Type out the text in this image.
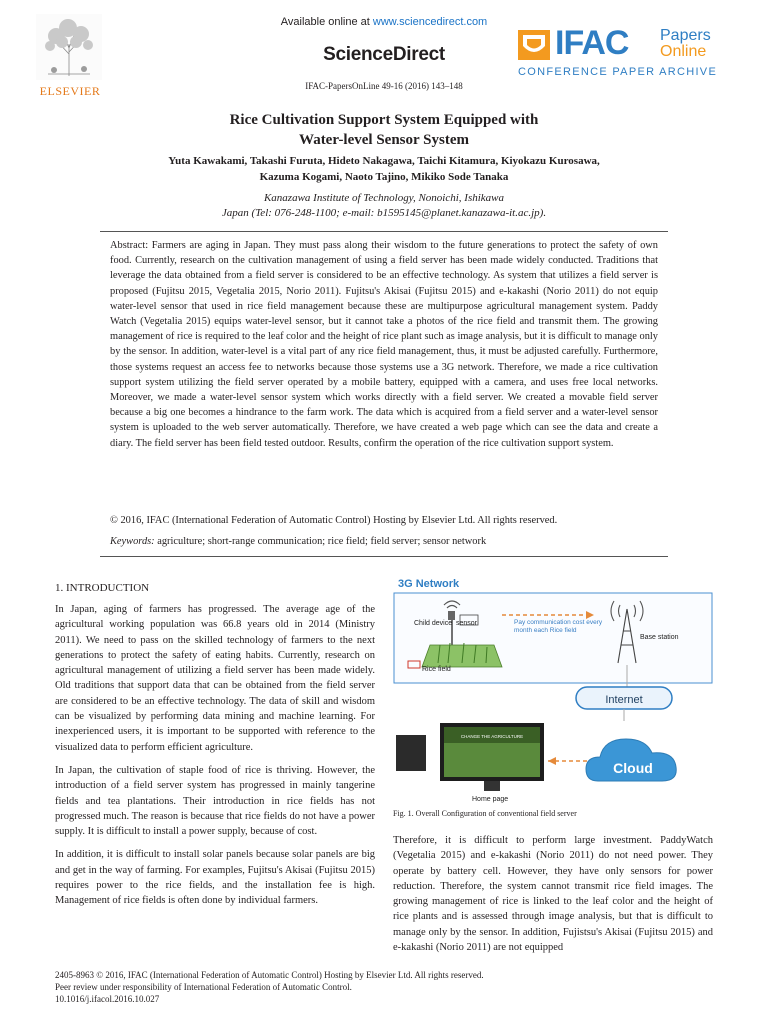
Available online at www.sciencedirect.com
ScienceDirect
IFAC-PapersOnLine 49-16 (2016) 143–148
ELSEVIER
IFAC Papers
Online
CONFERENCE PAPER ARCHIVE
Rice Cultivation Support System Equipped with
Water-level Sensor System
Yuta Kawakami, Takashi Furuta, Hideto Nakagawa, Taichi Kitamura, Kiyokazu Kurosawa,
Kazuma Kogami, Naoto Tajino, Mikiko Sode Tanaka
Kanazawa Institute of Technology, Nonoichi, Ishikawa
Japan (Tel: 076-248-1100; e-mail: b1595145@planet.kanazawa-it.ac.jp).
Abstract: Farmers are aging in Japan. They must pass along their wisdom to the future generations to protect the safety of own food. Currently, research on the cultivation management of using a field server has been made widely conducted. Traditions that leverage the data obtained from a field server is considered to be an effective technology. As system that utilizes a field server is proposed (Fujitsu 2015, Vegetalia 2015, Norio 2011). Fujitsu's Akisai (Fujitsu 2015) and e-kakashi (Norio 2011) do not equip water-level sensor that used in rice field management because these are multipurpose agricultural management system. Paddy Watch (Vegetalia 2015) equips water-level sensor, but it cannot take a photos of the rice field and transmit them. The growing management of rice is required to the leaf color and the height of rice plant such as image analysis, but it is difficult to manage only by the sensor. In addition, water-level is a vital part of any rice field management, thus, it must be adjusted carefully. Furthermore, those systems request an access fee to networks because those systems use a 3G network. Therefore, we made a rice cultivation support system utilizing the field server operated by a mobile battery, equipped with a camera, and uses free local networks. Moreover, we made a water-level sensor system which works directly with a field server. We created a movable field server because a big one becomes a hindrance to the farm work. The data which is acquired from a field server and a water-level sensor system is uploaded to the web server automatically. Therefore, we have created a web page which can see the data and create a diary. The field server has been field tested outdoor. Results, confirm the operation of the rice cultivation support system.
© 2016, IFAC (International Federation of Automatic Control) Hosting by Elsevier Ltd. All rights reserved.
Keywords: agriculture; short-range communication; rice field; field server; sensor network
1. INTRODUCTION

In Japan, aging of farmers has progressed. The average age of the agricultural working population was 66.8 years old in 2014 (Ministry 2011). We need to pass on the skilled technology of farmers to the next generations to protect the safety of eating habits. Currently, research on agricultural management of utilizing a field server has been made widely. Old traditions that support data that can be obtained from the field server are considered to be an effective technology. The data of skill and wisdom can be visualized by performing data mining and machine learning. For inexperienced users, it is important to be supported with reference to the visualized data to perform efficient agriculture.

In Japan, the cultivation of staple food of rice is thriving. However, the introduction of a field server system has progressed in mainly tangerine fields and tea plantations. Their introduction in rice fields has not progressed much. The reason is because that rice fields do not have a power supply. It is difficult to install a power supply, because of cost.

In addition, it is difficult to install solar panels because solar panels are big and get in the way of farming. For examples, Fujitsu's Akisai (Fujitsu 2015) requires power to the rice fields, and the installation fee is high. Management of rice fields is often done by individual farmers.

3G Network
Child device sensor
Rice field
Pay communication cost every month each Rice field
Base station
Internet
CHANGE THE AGRICULTURE
Home page
Cloud
Fig. 1. Overall Configuration of conventional field server

Therefore, it is difficult to perform large investment. PaddyWatch (Vegetalia 2015) and e-kakashi (Norio 2011) do not need power. They operate by battery cell. However, they have only sensors for power reduction. Therefore, the system cannot transmit rice field images. The growing management of rice is linked to the leaf color and the height of rice plants and is assessed through image analysis, but that is difficult to manage only by the sensor. In addition, Fujistsu's Akisai (Fujitsu 2015) and e-kakashi (Norio 2011) are not equipped

2405-8963 © 2016, IFAC (International Federation of Automatic Control) Hosting by Elsevier Ltd. All rights reserved.
Peer review under responsibility of International Federation of Automatic Control.
10.1016/j.ifacol.2016.10.027
